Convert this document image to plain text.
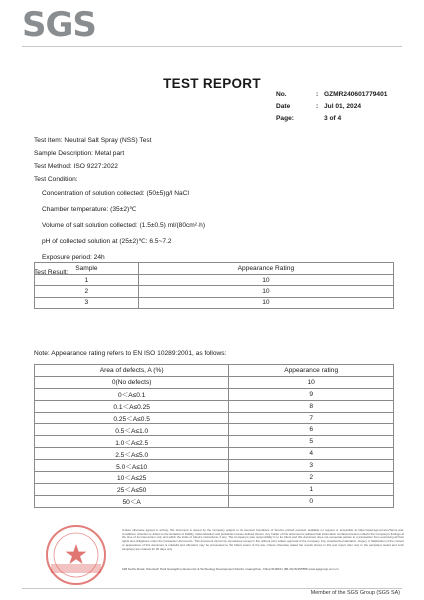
SGS
TEST REPORT
No.	: GZMR240601779401
Date	: Jul 01, 2024
Page:	3 of 4
Test Item: Neutral Salt Spray (NSS) Test
Sample Description: Metal part
Test Method: ISO 9227:2022
Test Condition:
Concentration of solution collected: (50±5)g/l NaCl
Chamber temperature: (35±2)℃
Volume of salt solution collected: (1.5±0.5) ml/(80cm²·h)
pH of collected solution at (25±2)℃: 6.5~7.2
Exposure period: 24h
Test Result:
Sample	Appearance Rating
1	10
2	10
3	10
Note: Appearance rating refers to EN ISO 10289:2001, as follows:
Area of defects, A (%)	Appearance rating
0(No defects)	10
0＜A≤0.1	9
0.1＜A≤0.25	8
0.25＜A≤0.5	7
0.5＜A≤1.0	6
1.0＜A≤2.5	5
2.5＜A≤5.0	4
5.0＜A≤10	3
10＜A≤25	2
25＜A≤50	1
50＜A	0
Unless otherwise agreed in writing, this document is issued by the Company subject to its General Conditions of Service printed overleaf, available on request or accessible at https://www.sgs.com/en/Terms-and-Conditions. Attention is drawn to the limitation of liability, indemnification and jurisdiction issues defined therein. Any holder of this document is advised that information contained hereon reflects the Company's findings at the time of its intervention only and within the limits of Client's instructions, if any. The Company's sole responsibility is to its Client and this document does not exonerate parties to a transaction from exercising all their rights and obligations under the transaction documents. This document cannot be reproduced except in full, without prior written approval of the Company. Any unauthorized alteration, forgery or falsification of the content or appearance of this document is unlawful and offenders may be prosecuted to the fullest extent of the law. Unless otherwise stated the results shown in this test report refer only to the sample(s) tested and such sample(s) are retained for 30 days only.
198 Kezhu Road, Scientech Park Guangzhou Economic & Technology Development District, Guangzhou, China 510663 t (86-20) 82155555 www.sgsgroup.com.cn
Member of the SGS Group (SGS SA)
